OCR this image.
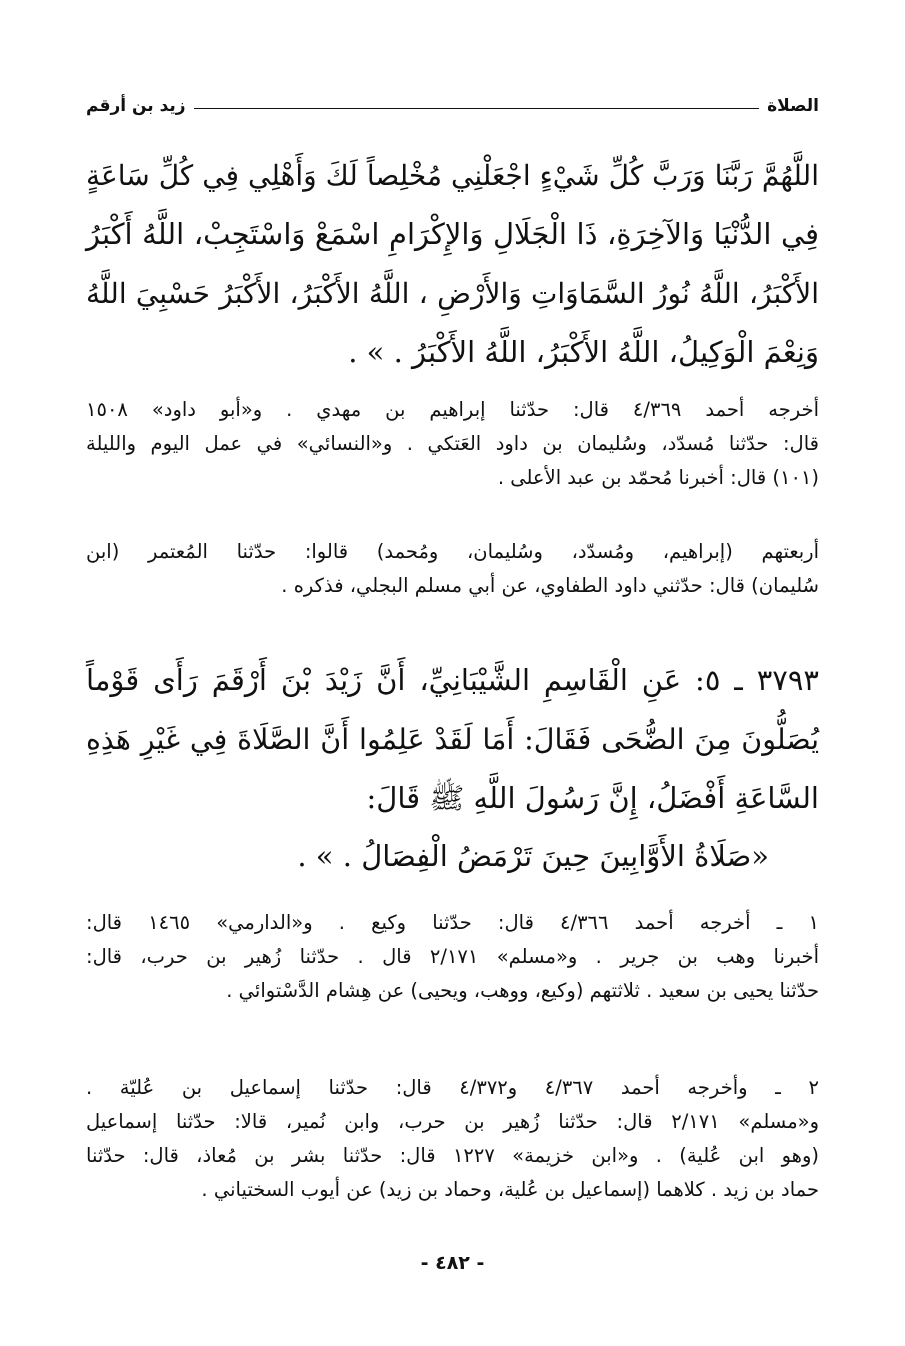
الصلاة
زيد بن أرقم
اللَّهُمَّ رَبَّنَا وَرَبَّ كُلِّ شَيْءٍ اجْعَلْنِي مُخْلِصاً لَكَ وَأَهْلِي فِي كُلِّ سَاعَةٍ
فِي الدُّنْيَا وَالآخِرَةِ، ذَا الْجَلَالِ وَالإِكْرَامِ اسْمَعْ وَاسْتَجِبْ، اللَّهُ أَكْبَرُ
الأَكْبَرُ، اللَّهُ نُورُ السَّمَاوَاتِ وَالأَرْضِ ، اللَّهُ الأَكْبَرُ، الأَكْبَرُ حَسْبِيَ اللَّهُ
وَنِعْمَ الْوَكِيلُ، اللَّهُ الأَكْبَرُ، اللَّهُ الأَكْبَرُ . » .
أخرجه أحمد ٤/٣٦٩ قال: حدّثنا إبراهيم بن مهدي . و«أبو داود» ١٥٠٨
قال: حدّثنا مُسدّد، وسُليمان بن داود العَتكي . و«النسائي» في عمل اليوم والليلة
(١٠١) قال: أخبرنا مُحمّد بن عبد الأعلى .
أربعتهم (إبراهيم، ومُسدّد، وسُليمان، ومُحمد) قالوا: حدّثنا المُعتمر (ابن
سُليمان) قال: حدّثني داود الطفاوي، عن أبي مسلم البجلي، فذكره .
٣٧٩٣ ـ ٥: عَنِ الْقَاسِمِ الشَّيْبَانِيِّ، أَنَّ زَيْدَ بْنَ أَرْقَمَ رَأَى قَوْماً
يُصَلُّونَ مِنَ الضُّحَى فَقَالَ: أَمَا لَقَدْ عَلِمُوا أَنَّ الصَّلَاةَ فِي غَيْرِ هَذِهِ
السَّاعَةِ أَفْضَلُ، إِنَّ رَسُولَ اللَّهِ ﷺ قَالَ:
«صَلَاةُ الأَوَّابِينَ حِينَ تَرْمَضُ الْفِصَالُ . » .
١ ـ أخرجه أحمد ٤/٣٦٦ قال: حدّثنا وكيع . و«الدارمي» ١٤٦٥ قال:
أخبرنا وهب بن جرير . و«مسلم» ٢/١٧١ قال . حدّثنا زُهير بن حرب، قال:
حدّثنا يحيى بن سعيد . ثلاثتهم (وكيع، ووهب، ويحيى) عن هِشام الدَّسْتوائي .
٢ ـ وأخرجه أحمد ٤/٣٦٧ و٤/٣٧٢ قال: حدّثنا إسماعيل بن عُليّة .
و«مسلم» ٢/١٧١ قال: حدّثنا زُهير بن حرب، وابن نُمير، قالا: حدّثنا إسماعيل
(وهو ابن عُلية) . و«ابن خزيمة» ١٢٢٧ قال: حدّثنا بشر بن مُعاذ، قال: حدّثنا
حماد بن زيد . كلاهما (إسماعيل بن عُلية، وحماد بن زيد) عن أيوب السختياني .
- ٤٨٢ -
